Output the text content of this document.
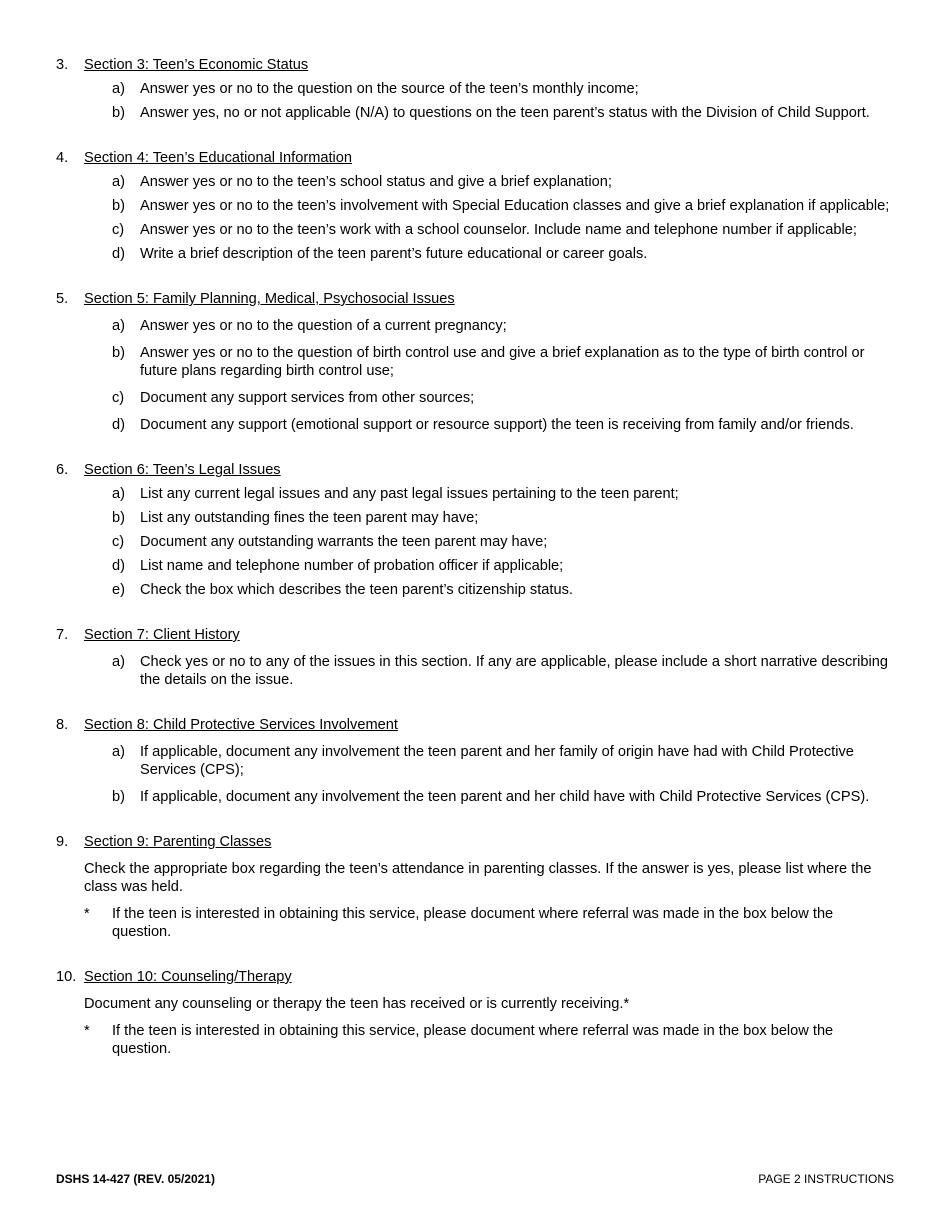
3.	Section 3: Teen’s Economic Status
a)	Answer yes or no to the question on the source of the teen’s monthly income;
b)	Answer yes, no or not applicable (N/A) to questions on the teen parent’s status with the Division of Child Support.
4.	Section 4: Teen’s Educational Information
a)	Answer yes or no to the teen’s school status and give a brief explanation;
b)	Answer yes or no to the teen’s involvement with Special Education classes and give a brief explanation if applicable;
c)	Answer yes or no to the teen’s work with a school counselor. Include name and telephone number if applicable;
d)	Write a brief description of the teen parent’s future educational or career goals.
5.	Section 5: Family Planning, Medical, Psychosocial Issues
a)	Answer yes or no to the question of a current pregnancy;
b)	Answer yes or no to the question of birth control use and give a brief explanation as to the type of birth control or future plans regarding birth control use;
c)	Document any support services from other sources;
d)	Document any support (emotional support or resource support) the teen is receiving from family and/or friends.
6.	Section 6: Teen’s Legal Issues
a)	List any current legal issues and any past legal issues pertaining to the teen parent;
b)	List any outstanding fines the teen parent may have;
c)	Document any outstanding warrants the teen parent may have;
d)	List name and telephone number of probation officer if applicable;
e)	Check the box which describes the teen parent’s citizenship status.
7.	Section 7: Client History
a)	Check yes or no to any of the issues in this section. If any are applicable, please include a short narrative describing the details on the issue.
8.	Section 8: Child Protective Services Involvement
a)	If applicable, document any involvement the teen parent and her family of origin have had with Child Protective Services (CPS);
b)	If applicable, document any involvement the teen parent and her child have with Child Protective Services (CPS).
9.	Section 9: Parenting Classes
Check the appropriate box regarding the teen’s attendance in parenting classes. If the answer is yes, please list where the class was held.
*	If the teen is interested in obtaining this service, please document where referral was made in the box below the question.
10. Section 10: Counseling/Therapy
Document any counseling or therapy the teen has received or is currently receiving.*
*	If the teen is interested in obtaining this service, please document where referral was made in the box below the question.
DSHS 14-427 (REV. 05/2021)	PAGE 2 INSTRUCTIONS
